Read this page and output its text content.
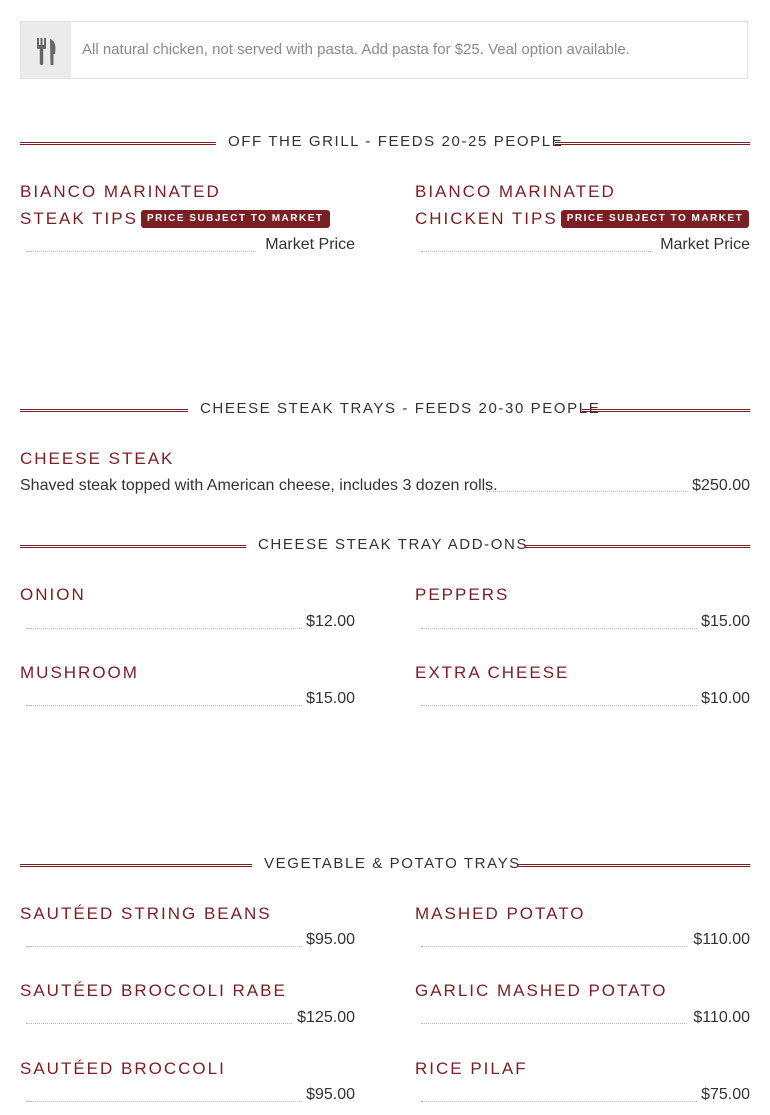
All natural chicken, not served with pasta. Add pasta for $25. Veal option available.
OFF THE GRILL - FEEDS 20-25 PEOPLE
BIANCO MARINATED
STEAK TIPS PRICE SUBJECT TO MARKET
Market Price
BIANCO MARINATED
CHICKEN TIPS PRICE SUBJECT TO MARKET
Market Price
CHEESE STEAK TRAYS - FEEDS 20-30 PEOPLE
CHEESE STEAK
Shaved steak topped with American cheese, includes 3 dozen rolls.	$250.00
CHEESE STEAK TRAY ADD-ONS
ONION
$12.00
PEPPERS
$15.00
MUSHROOM
$15.00
EXTRA CHEESE
$10.00
VEGETABLE & POTATO TRAYS
SAUTÉED STRING BEANS
$95.00
MASHED POTATO
$110.00
SAUTÉED BROCCOLI RABE
$125.00
GARLIC MASHED POTATO
$110.00
SAUTÉED BROCCOLI
$95.00
RICE PILAF
$75.00
